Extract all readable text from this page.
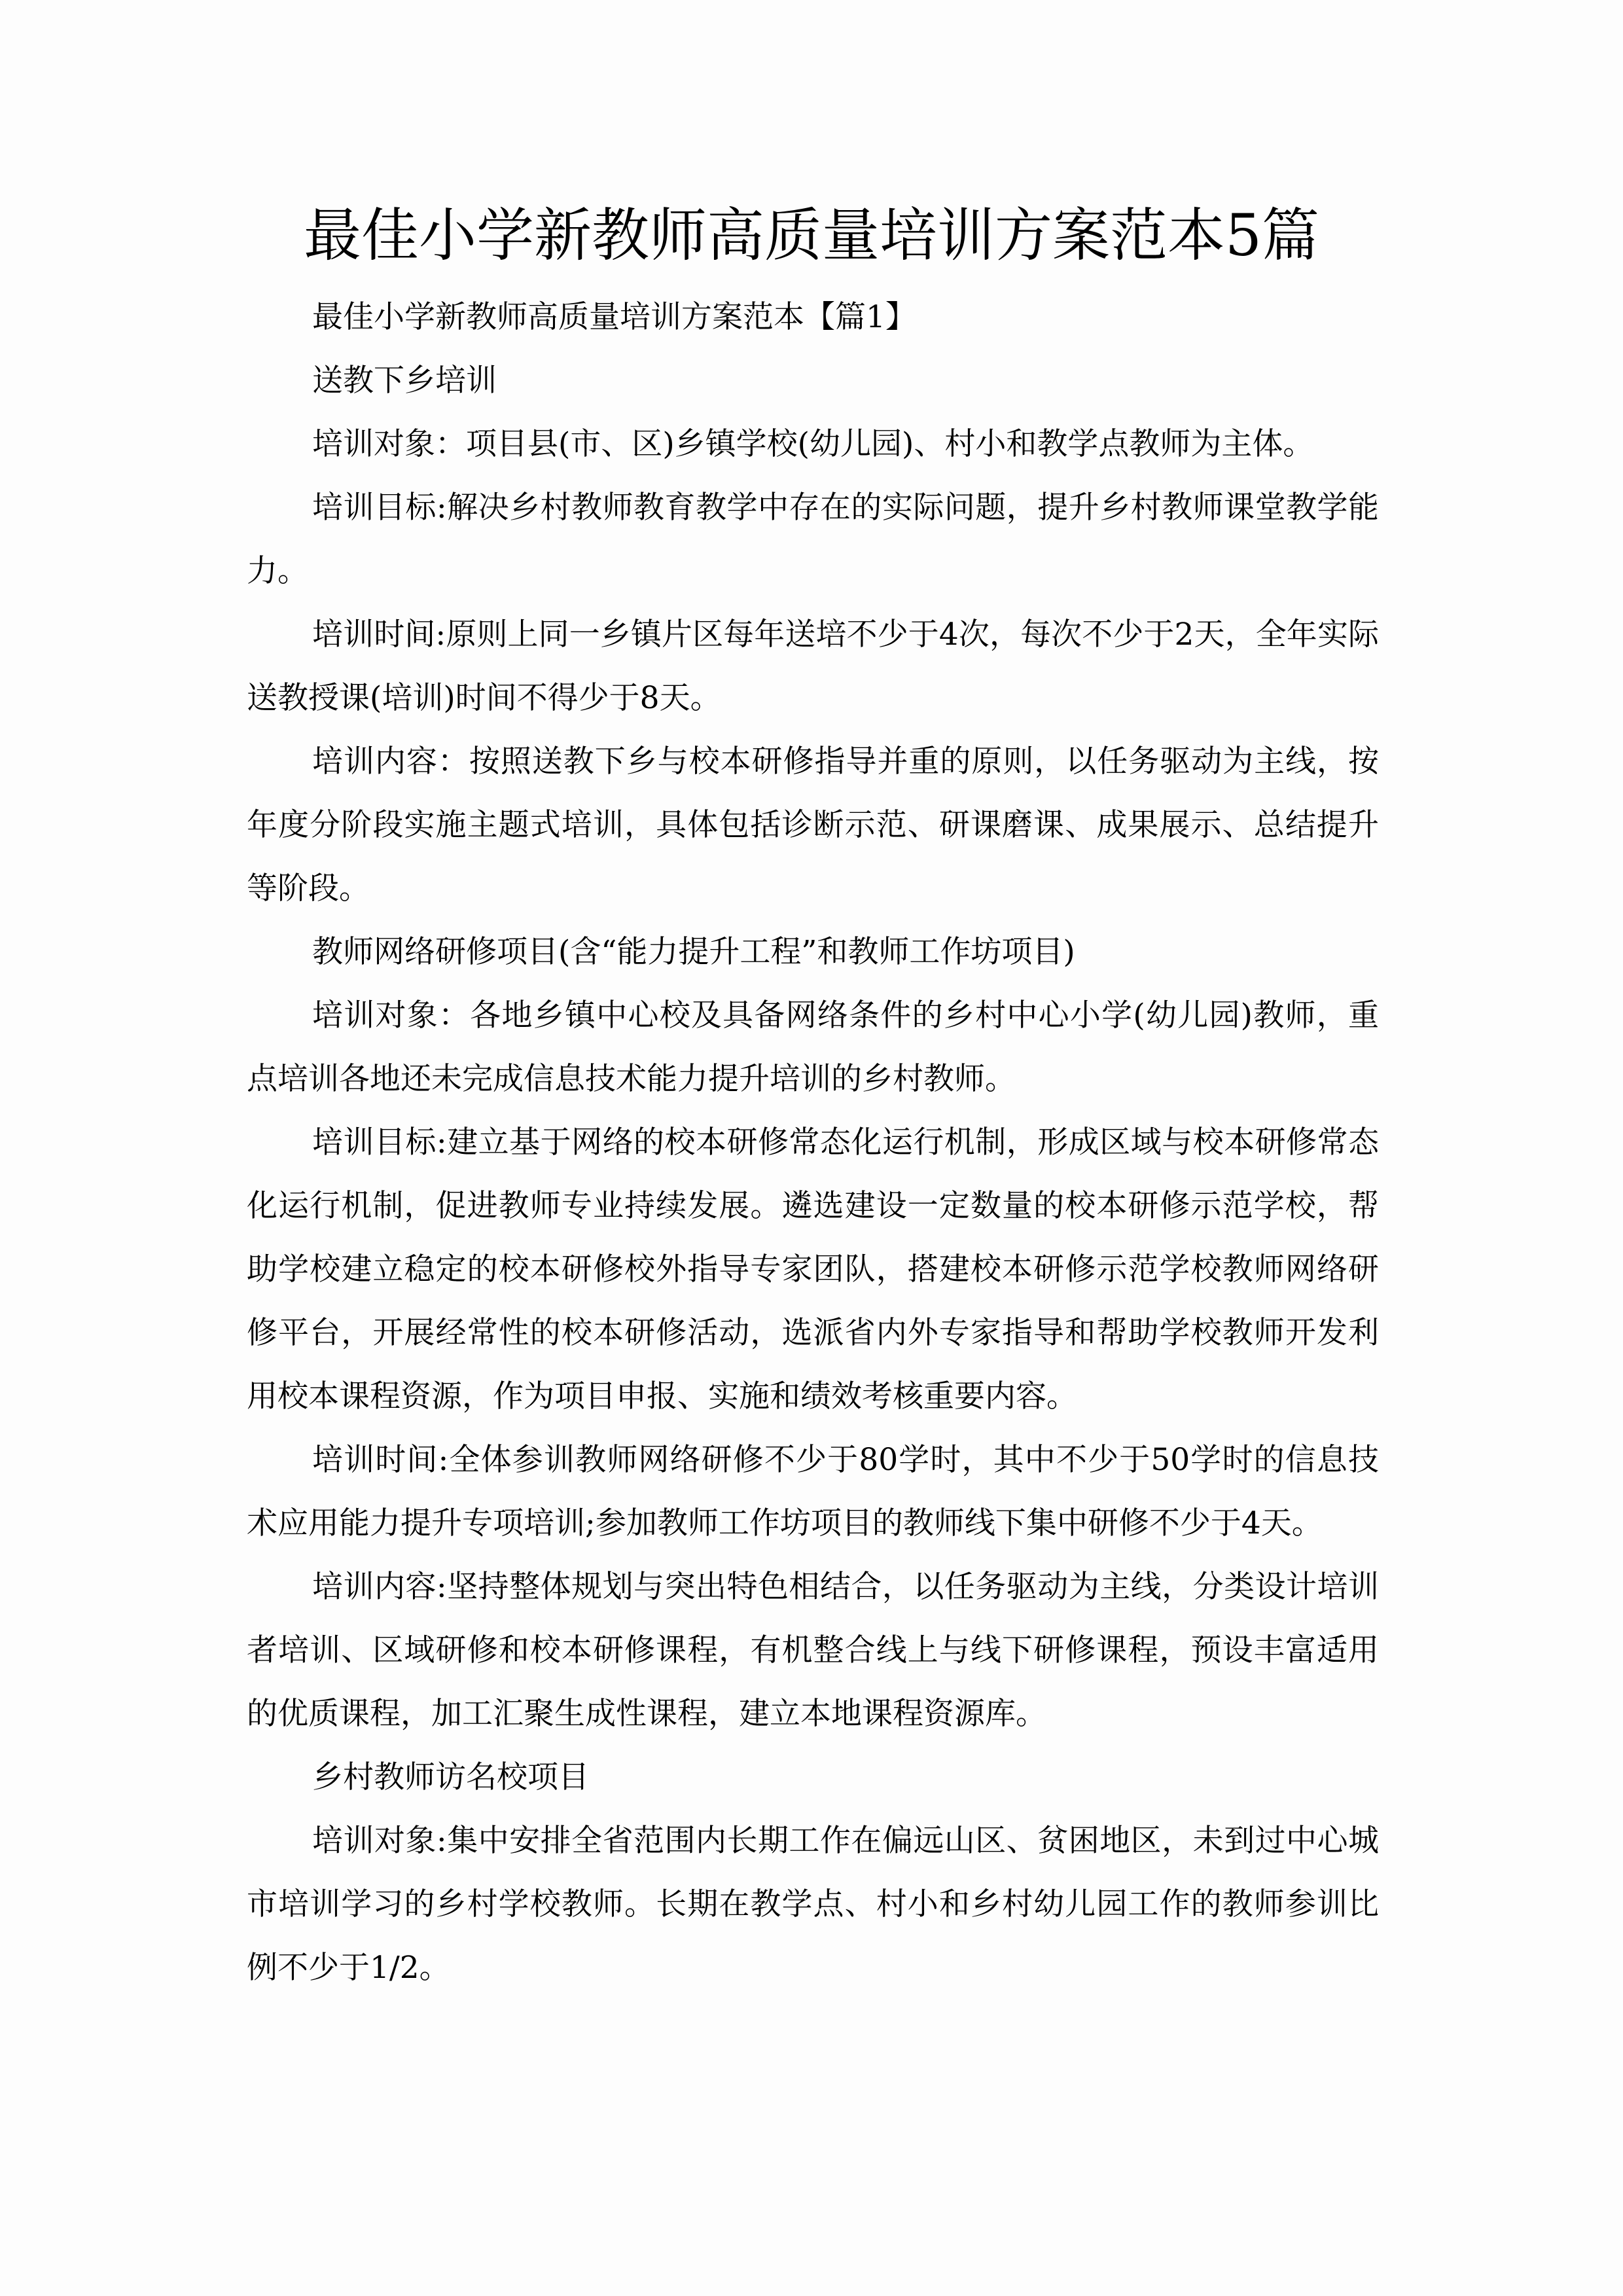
最佳小学新教师高质量培训方案范本5篇

最佳小学新教师高质量培训方案范本【篇1】

送教下乡培训

培训对象：项目县(市、区)乡镇学校(幼儿园)、村小和教学点教师为主体。

培训目标:解决乡村教师教育教学中存在的实际问题，提升乡村教师课堂教学能力。

培训时间:原则上同一乡镇片区每年送培不少于4次，每次不少于2天，全年实际送教授课(培训)时间不得少于8天。

培训内容：按照送教下乡与校本研修指导并重的原则，以任务驱动为主线，按年度分阶段实施主题式培训，具体包括诊断示范、研课磨课、成果展示、总结提升等阶段。

教师网络研修项目(含“能力提升工程”和教师工作坊项目)

培训对象：各地乡镇中心校及具备网络条件的乡村中心小学(幼儿园)教师，重点培训各地还未完成信息技术能力提升培训的乡村教师。

培训目标:建立基于网络的校本研修常态化运行机制，形成区域与校本研修常态化运行机制，促进教师专业持续发展。遴选建设一定数量的校本研修示范学校，帮助学校建立稳定的校本研修校外指导专家团队，搭建校本研修示范学校教师网络研修平台，开展经常性的校本研修活动，选派省内外专家指导和帮助学校教师开发利用校本课程资源，作为项目申报、实施和绩效考核重要内容。

培训时间:全体参训教师网络研修不少于80学时，其中不少于50学时的信息技术应用能力提升专项培训;参加教师工作坊项目的教师线下集中研修不少于4天。

培训内容:坚持整体规划与突出特色相结合，以任务驱动为主线，分类设计培训者培训、区域研修和校本研修课程，有机整合线上与线下研修课程，预设丰富适用的优质课程，加工汇聚生成性课程，建立本地课程资源库。

乡村教师访名校项目

培训对象:集中安排全省范围内长期工作在偏远山区、贫困地区，未到过中心城市培训学习的乡村学校教师。长期在教学点、村小和乡村幼儿园工作的教师参训比例不少于1/2。
